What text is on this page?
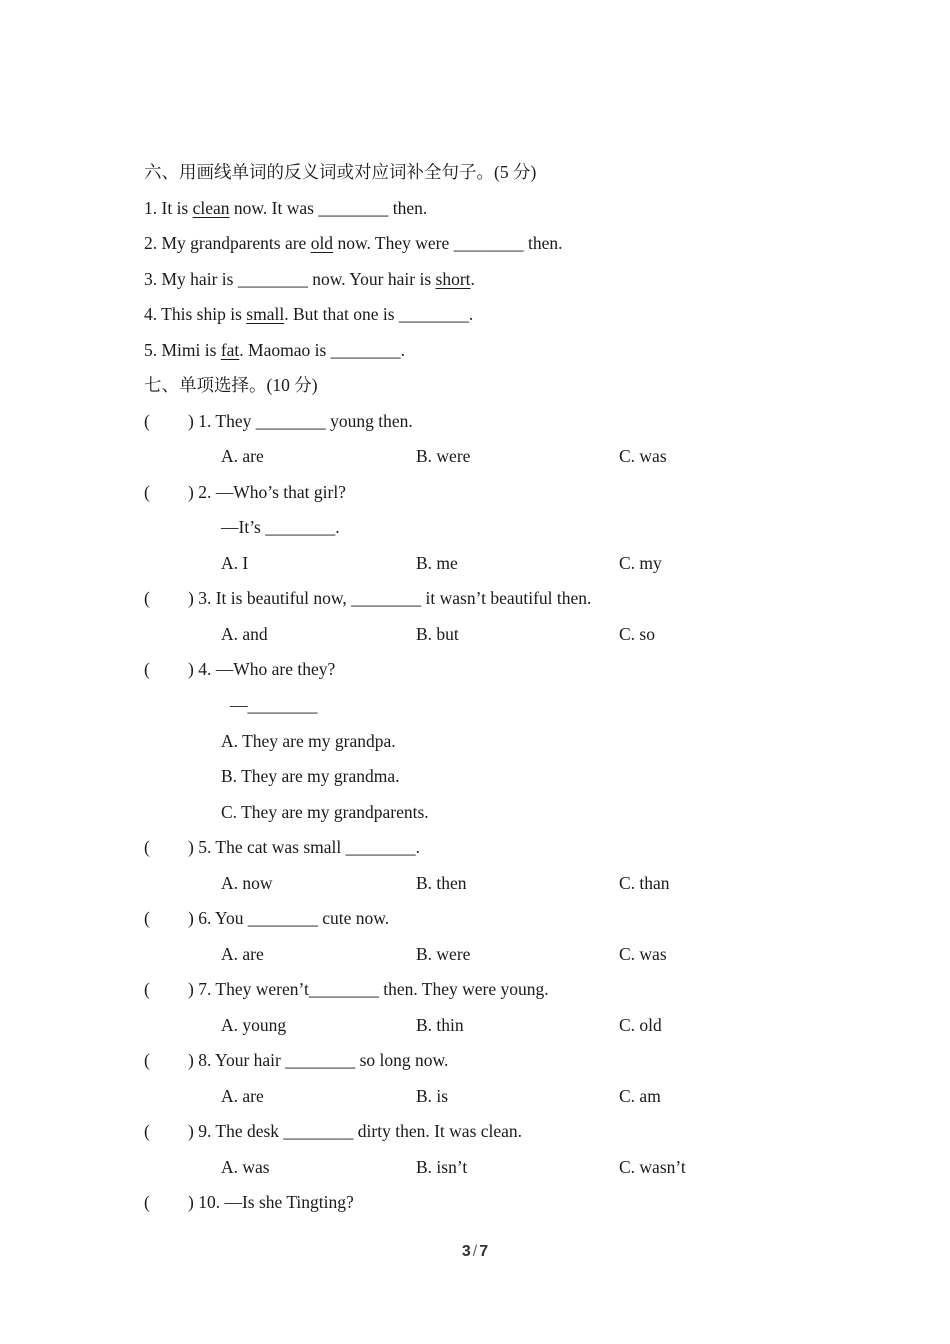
六、用画线单词的反义词或对应词补全句子。(5 分)
1. It is clean now. It was ________ then.
2. My grandparents are old now. They were ________ then.
3. My hair is ________ now. Your hair is short.
4. This ship is small. But that one is ________.
5. Mimi is fat. Maomao is ________.
七、单项选择。(10 分)
( ) 1. They ________ young then.
A. are	B. were	C. was
( ) 2. —Who’s that girl?
—It’s ________.
A. I	B. me	C. my
( ) 3. It is beautiful now, ________ it wasn’t beautiful then.
A. and	B. but	C. so
( ) 4. —Who are they?
—________
A. They are my grandpa.
B. They are my grandma.
C. They are my grandparents.
( ) 5. The cat was small ________.
A. now	B. then	C. than
( ) 6. You ________ cute now.
A. are	B. were	C. was
( ) 7. They weren’t________ then. They were young.
A. young	B. thin	C. old
( ) 8. Your hair ________ so long now.
A. are	B. is	C. am
( ) 9. The desk ________ dirty then. It was clean.
A. was	B. isn’t	C. wasn’t
( ) 10. —Is she Tingting?
3 / 7
